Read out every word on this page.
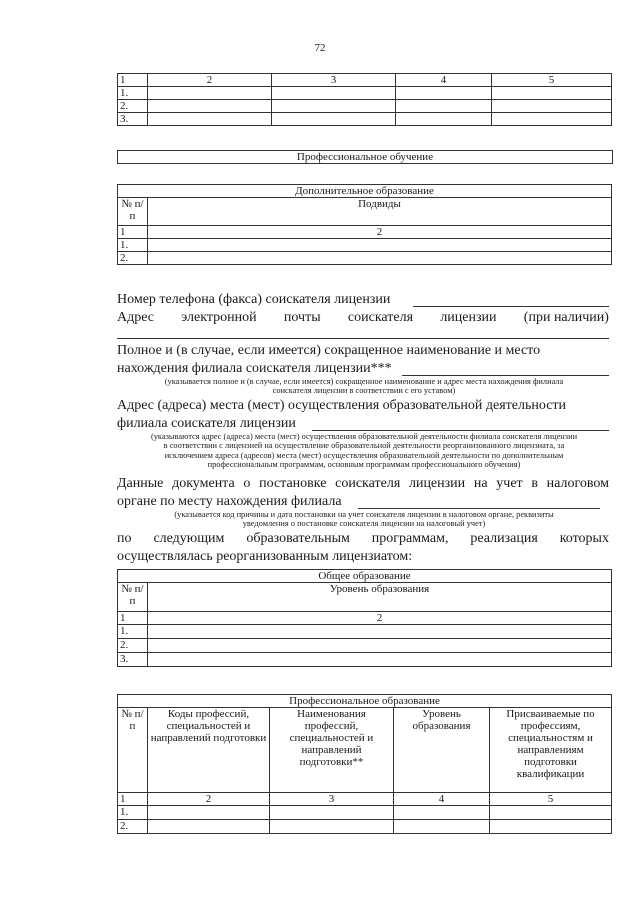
72
1	2	3	4	5
1.				
2.				
3.				
Профессиональное обучение
Дополнительное образование	
№ п/п	Подвиды
1	2
1.	
2.	
Номер телефона (факса) соискателя лицензии
Адрес электронной почты соискателя лицензии (при наличии)
Полное и (в случае, если имеется) сокращенное наименование и место
нахождения филиала соискателя лицензии***
(указывается полное и (в случае, если имеется) сокращенное наименование и адрес места нахождения филиала
соискателя лицензии в соответствии с его уставом)
Адрес (адреса) места (мест) осуществления образовательной деятельности
филиала соискателя лицензии
(указываются адрес (адреса) места (мест) осуществления образовательной деятельности филиала соискателя лицензии
в соответствии с лицензией на осуществление образовательной деятельности реорганизованного лицензиата, за
исключением адреса (адресов) места (мест) осуществления образовательной деятельности по дополнительным
профессиональным программам, основным программам профессионального обучения)
Данные документа о постановке соискателя лицензии на учет в налоговом
органе по месту нахождения филиала
(указывается код причины и дата постановки на учет соискателя лицензии в налоговом органе, реквизиты
уведомления о постановке соискателя лицензии на налоговый учет)
по следующим образовательным программам, реализация которых
осуществлялась реорганизованным лицензиатом:
Общее образование	
№ п/п	Уровень образования
1	2
1.	
2.	
3.	
Профессиональное образование				
№ п/п	Коды профессий, специальностей и направлений подготовки	Наименования профессий, специальностей и направлений подготовки**	Уровень образования	Присваиваемые по профессиям, специальностям и направлениям подготовки квалификации
1	2	3	4	5
1.				
2.				
